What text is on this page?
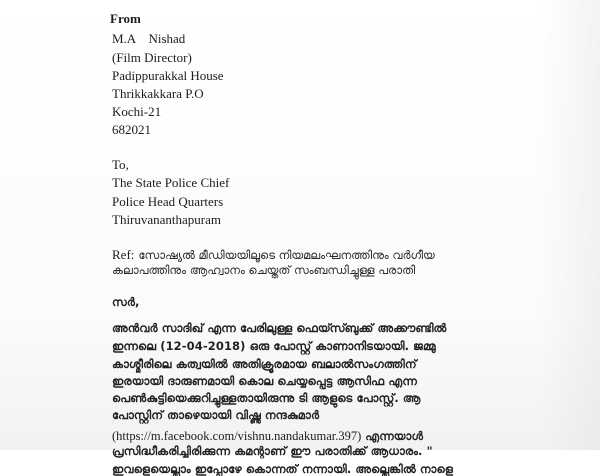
From
M.A    Nishad
(Film Director)
Padippurakkal House
Thrikkakkara P.O
Kochi-21
682021
To,
The State Police Chief
Police Head Quarters
Thiruvananthapuram
Ref: സോഷ്യൽ മീഡിയയിലൂടെ നിയമലംഘനത്തിനും വർഗീയ
കലാപത്തിനും ആഹ്വാനം ചെയ്തത് സംബന്ധിച്ചുള്ള പരാതി
സർ,
അൻവർ സാദിഖ് എന്ന പേരിലുള്ള ഫെയ്സ്ബുക്ക് അക്കൗണ്ടിൽ
ഇന്നലെ (12-04-2018) ഒരു പോസ്റ്റ് കാണാനിടയായി. ജമ്മു
കാശ്മീരിലെ കത്വയിൽ അതിക്രൂരമായ ബലാൽസംഗത്തിന്
ഇരയായി ദാരുണമായി കൊല ചെയ്യപ്പെട്ട ആസിഫ എന്ന
പെൺകുട്ടിയെക്കുറിച്ചുള്ളതായിരുന്നു ടി ആളുടെ പോസ്റ്റ്. ആ
പോസ്റ്റിന് താഴെയായി വിഷ്ണു നന്ദകുമാർ
(https://m.facebook.com/vishnu.nandakumar.397) എന്നയാൾ
പ്രസിദ്ധീകരിച്ചിരിക്കുന്ന കമന്റാണ് ഈ പരാതിക്ക് ആധാരം. "
ഇവളെയെല്ലാം ഇപ്പോഴേ കൊന്നത് നന്നായി. അല്ലെങ്കിൽ നാളെ
